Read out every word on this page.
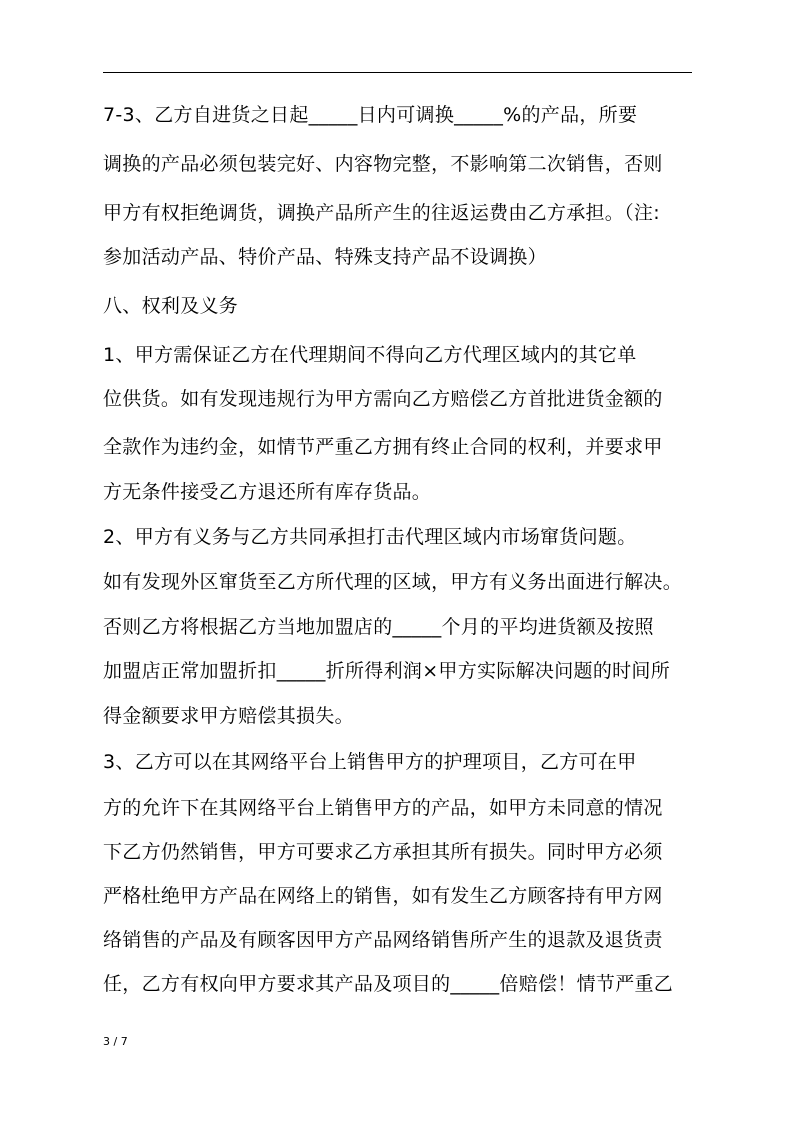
7-3、乙方自进货之日起_____日内可调换_____%的产品，所要
调换的产品必须包装完好、内容物完整，不影响第二次销售，否则
甲方有权拒绝调货，调换产品所产生的往返运费由乙方承担。（注:
参加活动产品、特价产品、特殊支持产品不设调换）
八、权利及义务
1、甲方需保证乙方在代理期间不得向乙方代理区域内的其它单
位供货。如有发现违规行为甲方需向乙方赔偿乙方首批进货金额的
全款作为违约金，如情节严重乙方拥有终止合同的权利，并要求甲
方无条件接受乙方退还所有库存货品。
2、甲方有义务与乙方共同承担打击代理区域内市场窜货问题。
如有发现外区窜货至乙方所代理的区域，甲方有义务出面进行解决。
否则乙方将根据乙方当地加盟店的_____个月的平均进货额及按照
加盟店正常加盟折扣_____折所得利润×甲方实际解决问题的时间所
得金额要求甲方赔偿其损失。
3、乙方可以在其网络平台上销售甲方的护理项目，乙方可在甲
方的允许下在其网络平台上销售甲方的产品，如甲方未同意的情况
下乙方仍然销售，甲方可要求乙方承担其所有损失。同时甲方必须
严格杜绝甲方产品在网络上的销售，如有发生乙方顾客持有甲方网
络销售的产品及有顾客因甲方产品网络销售所产生的退款及退货责
任，乙方有权向甲方要求其产品及项目的_____倍赔偿！情节严重乙
3 / 7
